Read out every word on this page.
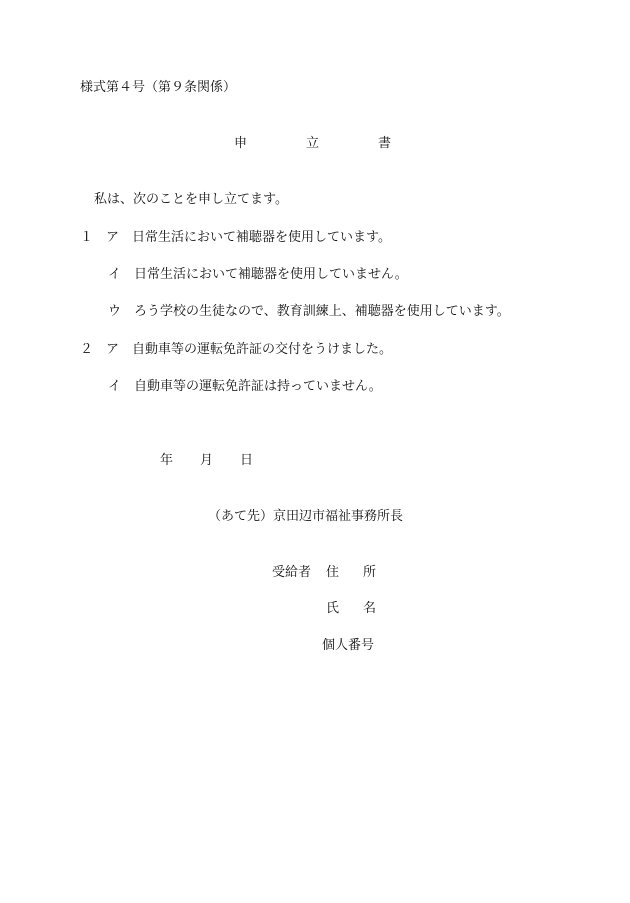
様式第４号（第９条関係）
申	立	書
私は、次のことを申し立てます。
１ ア 日常生活において補聴器を使用しています。
イ 日常生活において補聴器を使用していません。
ウ ろう学校の生徒なので、教育訓練上、補聴器を使用しています。
２ ア 自動車等の運転免許証の交付をうけました。
イ 自動車等の運転免許証は持っていません。
年 月 日
（あて先）京田辺市福祉事務所長
受給者 住 所
氏 名
個人番号
